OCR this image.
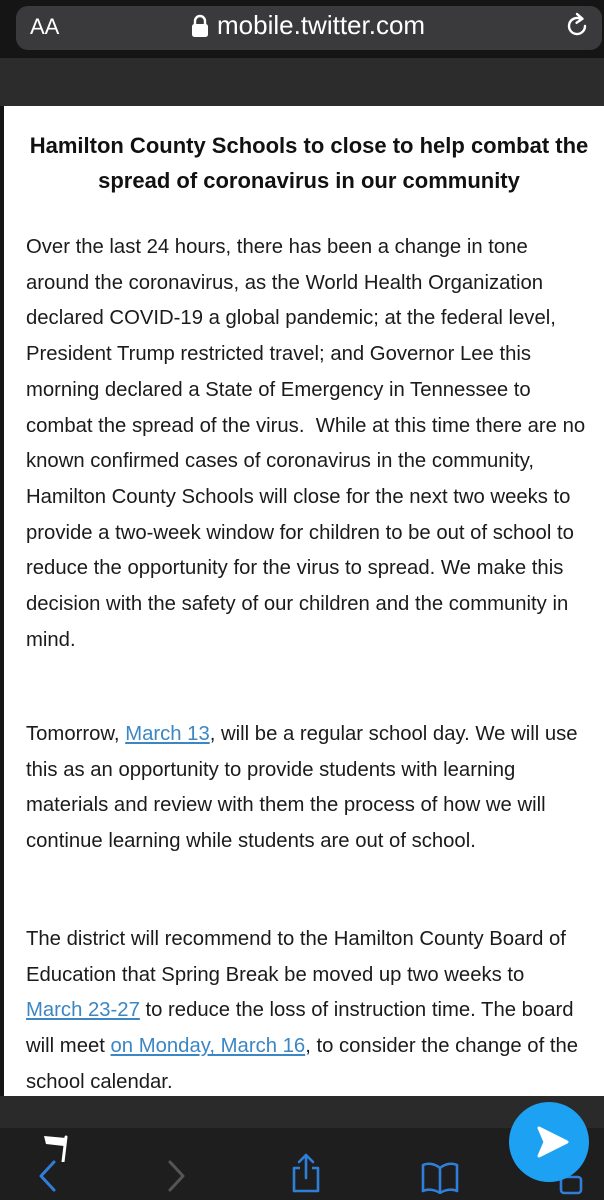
AA	mobile.twitter.com
Hamilton County Schools to close to help combat the spread of coronavirus in our community
Over the last 24 hours, there has been a change in tone around the coronavirus, as the World Health Organization declared COVID-19 a global pandemic; at the federal level, President Trump restricted travel; and Governor Lee this morning declared a State of Emergency in Tennessee to combat the spread of the virus.  While at this time there are no known confirmed cases of coronavirus in the community, Hamilton County Schools will close for the next two weeks to provide a two-week window for children to be out of school to reduce the opportunity for the virus to spread. We make this decision with the safety of our children and the community in mind.
Tomorrow, March 13, will be a regular school day. We will use this as an opportunity to provide students with learning materials and review with them the process of how we will continue learning while students are out of school.
The district will recommend to the Hamilton County Board of Education that Spring Break be moved up two weeks to March 23-27 to reduce the loss of instruction time. The board will meet on Monday, March 16, to consider the change of the school calendar.
